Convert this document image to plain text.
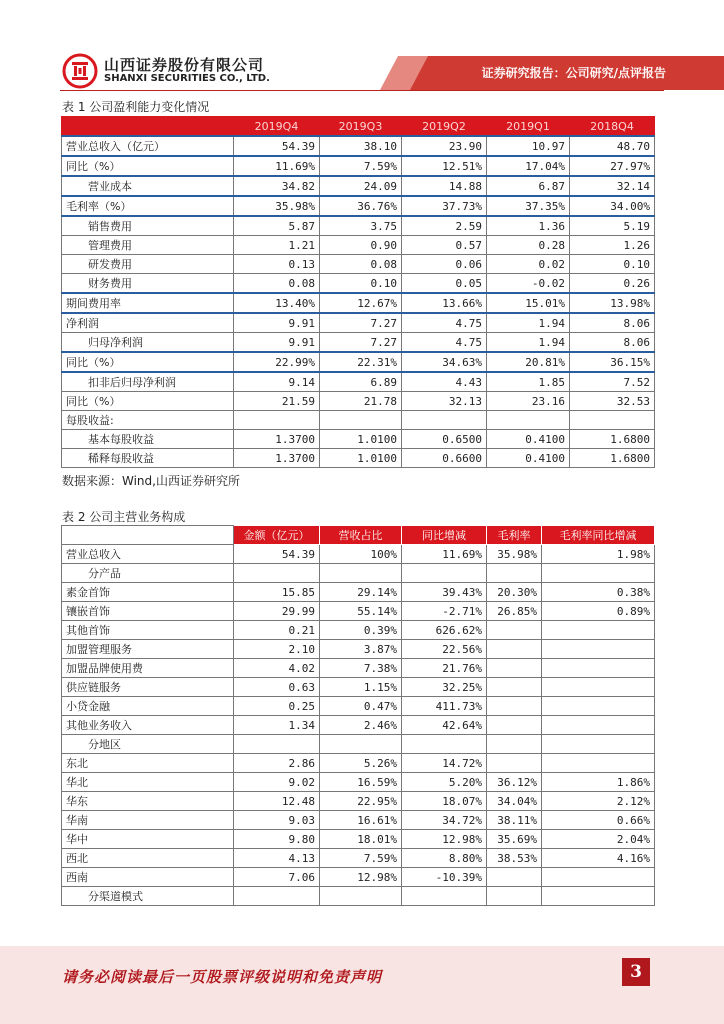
山西证券股份有限公司
SHANXI SECURITIES CO., LTD.	证券研究报告：公司研究/点评报告
表 1 公司盈利能力变化情况
	2019Q4	2019Q3	2019Q2	2019Q1	2018Q4
营业总收入（亿元）	54.39	38.10	23.90	10.97	48.70
同比（%）	11.69%	7.59%	12.51%	17.04%	27.97%
营业成本	34.82	24.09	14.88	6.87	32.14
毛利率（%）	35.98%	36.76%	37.73%	37.35%	34.00%
销售费用	5.87	3.75	2.59	1.36	5.19
管理费用	1.21	0.90	0.57	0.28	1.26
研发费用	0.13	0.08	0.06	0.02	0.10
财务费用	0.08	0.10	0.05	-0.02	0.26
期间费用率	13.40%	12.67%	13.66%	15.01%	13.98%
净利润	9.91	7.27	4.75	1.94	8.06
归母净利润	9.91	7.27	4.75	1.94	8.06
同比（%）	22.99%	22.31%	34.63%	20.81%	36.15%
扣非后归母净利润	9.14	6.89	4.43	1.85	7.52
同比（%）	21.59	21.78	32.13	23.16	32.53
每股收益:					
基本每股收益	1.3700	1.0100	0.6500	0.4100	1.6800
稀释每股收益	1.3700	1.0100	0.6600	0.4100	1.6800
数据来源：Wind,山西证券研究所
表 2 公司主营业务构成
	金额（亿元）	营收占比	同比增减	毛利率	毛利率同比增减
营业总收入	54.39	100%	11.69%	35.98%	1.98%
分产品					
素金首饰	15.85	29.14%	39.43%	20.30%	0.38%
镶嵌首饰	29.99	55.14%	-2.71%	26.85%	0.89%
其他首饰	0.21	0.39%	626.62%		
加盟管理服务	2.10	3.87%	22.56%		
加盟品牌使用费	4.02	7.38%	21.76%		
供应链服务	0.63	1.15%	32.25%		
小贷金融	0.25	0.47%	411.73%		
其他业务收入	1.34	2.46%	42.64%		
分地区					
东北	2.86	5.26%	14.72%		
华北	9.02	16.59%	5.20%	36.12%	1.86%
华东	12.48	22.95%	18.07%	34.04%	2.12%
华南	9.03	16.61%	34.72%	38.11%	0.66%
华中	9.80	18.01%	12.98%	35.69%	2.04%
西北	4.13	7.59%	8.80%	38.53%	4.16%
西南	7.06	12.98%	-10.39%		
分渠道模式					
请务必阅读最后一页股票评级说明和免责声明	3
